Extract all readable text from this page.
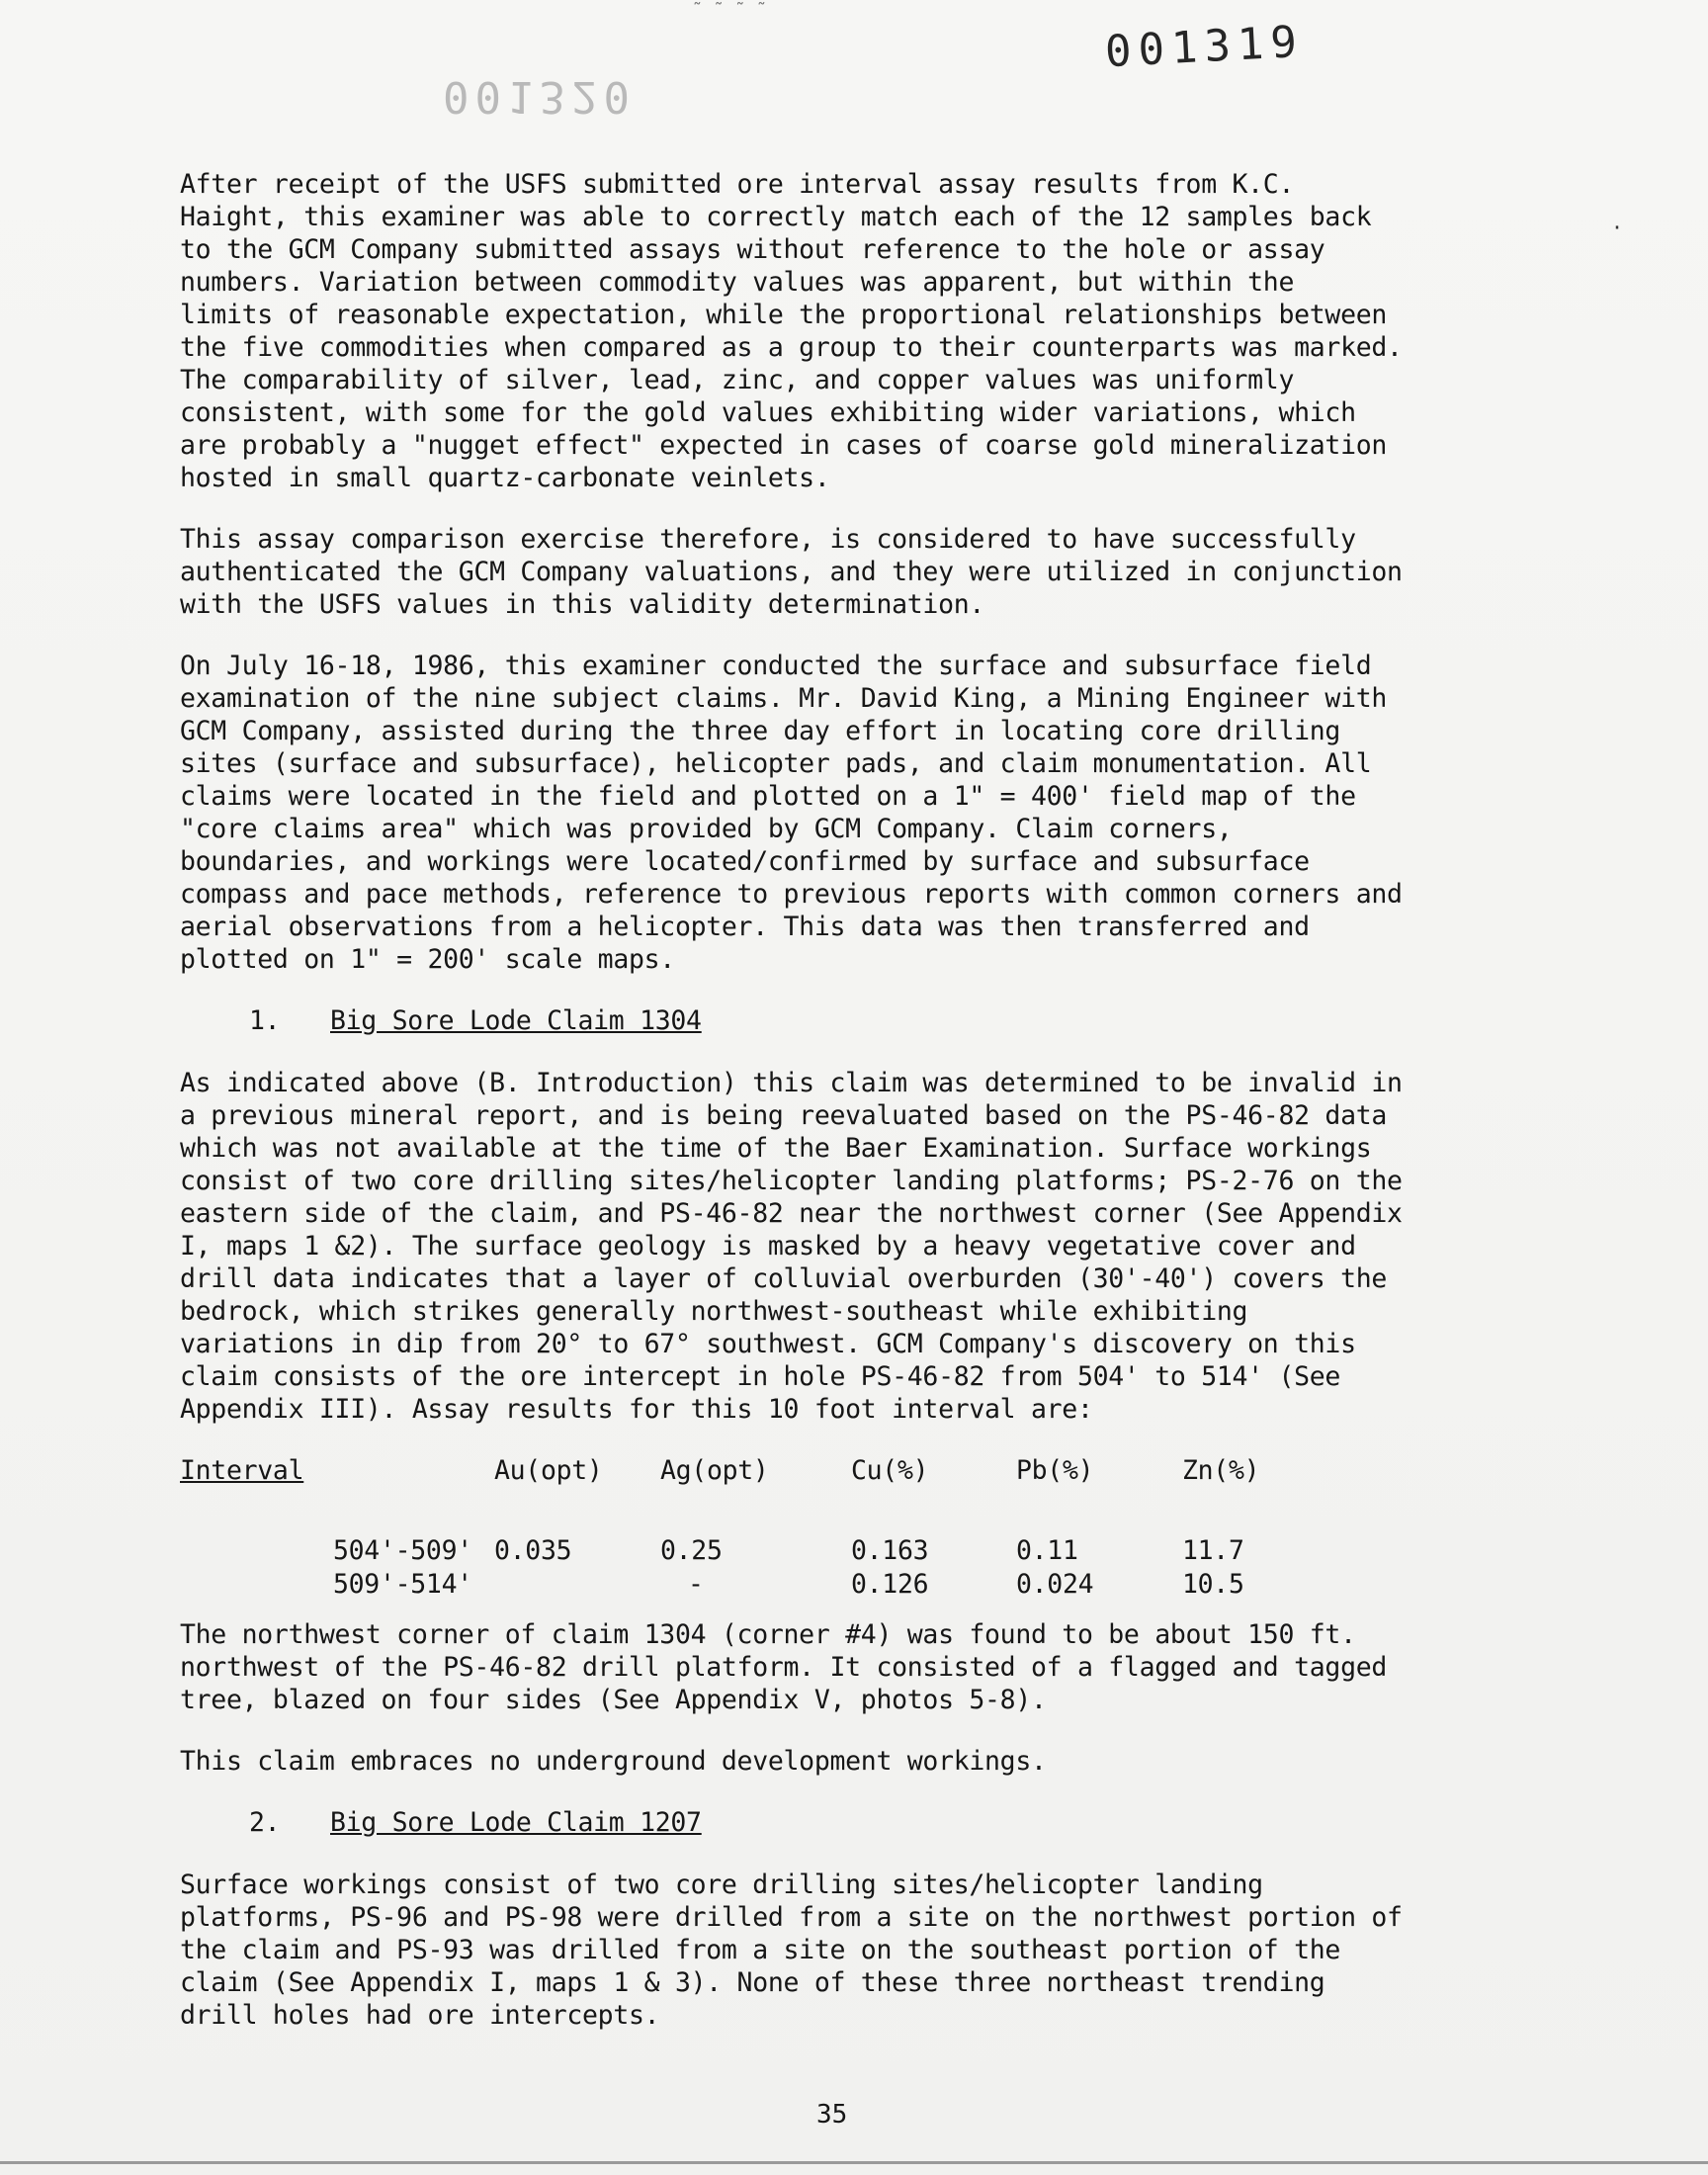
˜ ˜ ˜ ˜
001319
001320
·

After receipt of the USFS submitted ore interval assay results from K.C.
Haight, this examiner was able to correctly match each of the 12 samples back
to the GCM Company submitted assays without reference to the hole or assay
numbers. Variation between commodity values was apparent, but within the
limits of reasonable expectation, while the proportional relationships between
the five commodities when compared as a group to their counterparts was marked.
The comparability of silver, lead, zinc, and copper values was uniformly
consistent, with some for the gold values exhibiting wider variations, which
are probably a "nugget effect" expected in cases of coarse gold mineralization
hosted in small quartz-carbonate veinlets.

This assay comparison exercise therefore, is considered to have successfully
authenticated the GCM Company valuations, and they were utilized in conjunction
with the USFS values in this validity determination.

On July 16-18, 1986, this examiner conducted the surface and subsurface field
examination of the nine subject claims. Mr. David King, a Mining Engineer with
GCM Company, assisted during the three day effort in locating core drilling
sites (surface and subsurface), helicopter pads, and claim monumentation. All
claims were located in the field and plotted on a 1" = 400' field map of the
"core claims area" which was provided by GCM Company. Claim corners,
boundaries, and workings were located/confirmed by surface and subsurface
compass and pace methods, reference to previous reports with common corners and
aerial observations from a helicopter. This data was then transferred and
plotted on 1" = 200' scale maps.

1. Big Sore Lode Claim 1304

As indicated above (B. Introduction) this claim was determined to be invalid in
a previous mineral report, and is being reevaluated based on the PS-46-82 data
which was not available at the time of the Baer Examination. Surface workings
consist of two core drilling sites/helicopter landing platforms; PS-2-76 on the
eastern side of the claim, and PS-46-82 near the northwest corner (See Appendix
I, maps 1 &2). The surface geology is masked by a heavy vegetative cover and
drill data indicates that a layer of colluvial overburden (30'-40') covers the
bedrock, which strikes generally northwest-southeast while exhibiting
variations in dip from 20° to 67° southwest. GCM Company's discovery on this
claim consists of the ore intercept in hole PS-46-82 from 504' to 514' (See
Appendix III). Assay results for this 10 foot interval are:

Interval	Au(opt)	Ag(opt)	Cu(%)	Pb(%)	Zn(%)

504'-509'	0.035	0.25	0.163	0.11	11.7
509'-514'		-	0.126	0.024	10.5

The northwest corner of claim 1304 (corner #4) was found to be about 150 ft.
northwest of the PS-46-82 drill platform. It consisted of a flagged and tagged
tree, blazed on four sides (See Appendix V, photos 5-8).

This claim embraces no underground development workings.

2. Big Sore Lode Claim 1207

Surface workings consist of two core drilling sites/helicopter landing
platforms, PS-96 and PS-98 were drilled from a site on the northwest portion of
the claim and PS-93 was drilled from a site on the southeast portion of the
claim (See Appendix I, maps 1 & 3). None of these three northeast trending
drill holes had ore intercepts.

35
